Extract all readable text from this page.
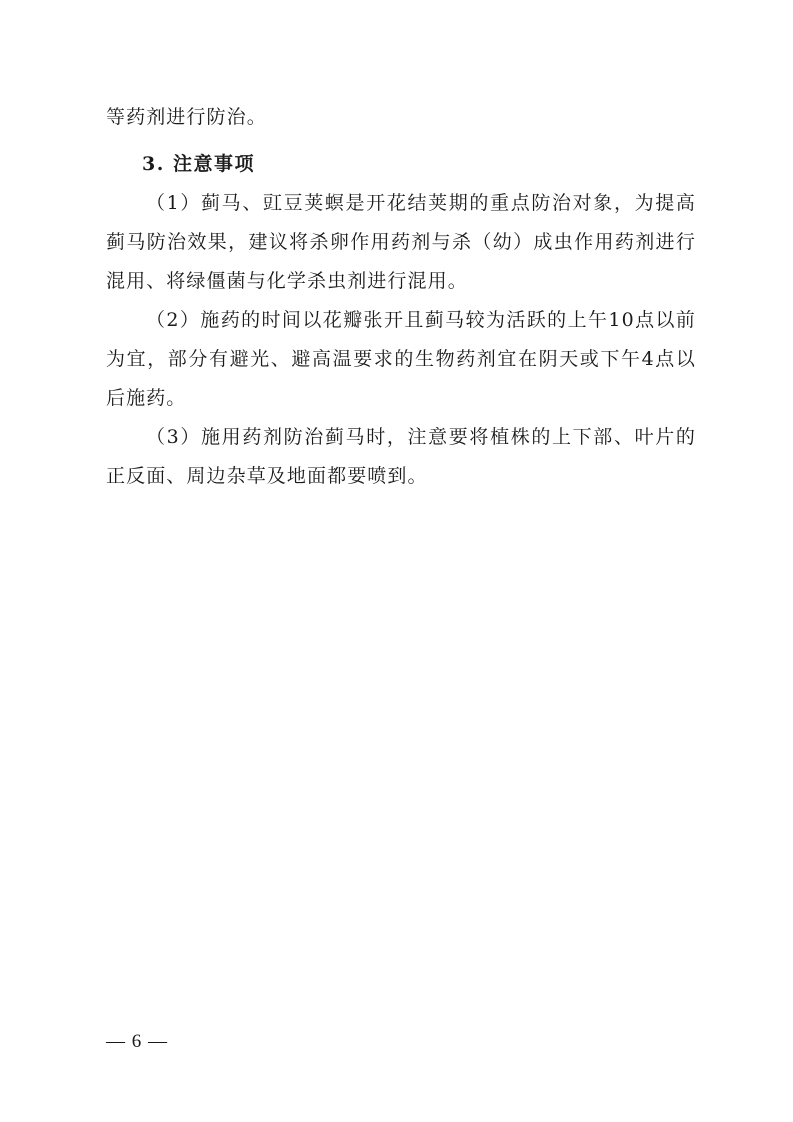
等药剂进行防治。

3. 注意事项

（1）蓟马、豇豆荚螟是开花结荚期的重点防治对象，为提高蓟马防治效果，建议将杀卵作用药剂与杀（幼）成虫作用药剂进行混用、将绿僵菌与化学杀虫剂进行混用。

（2）施药的时间以花瓣张开且蓟马较为活跃的上午10点以前为宜，部分有避光、避高温要求的生物药剂宜在阴天或下午4点以后施药。

（3）施用药剂防治蓟马时，注意要将植株的上下部、叶片的正反面、周边杂草及地面都要喷到。

— 6 —
